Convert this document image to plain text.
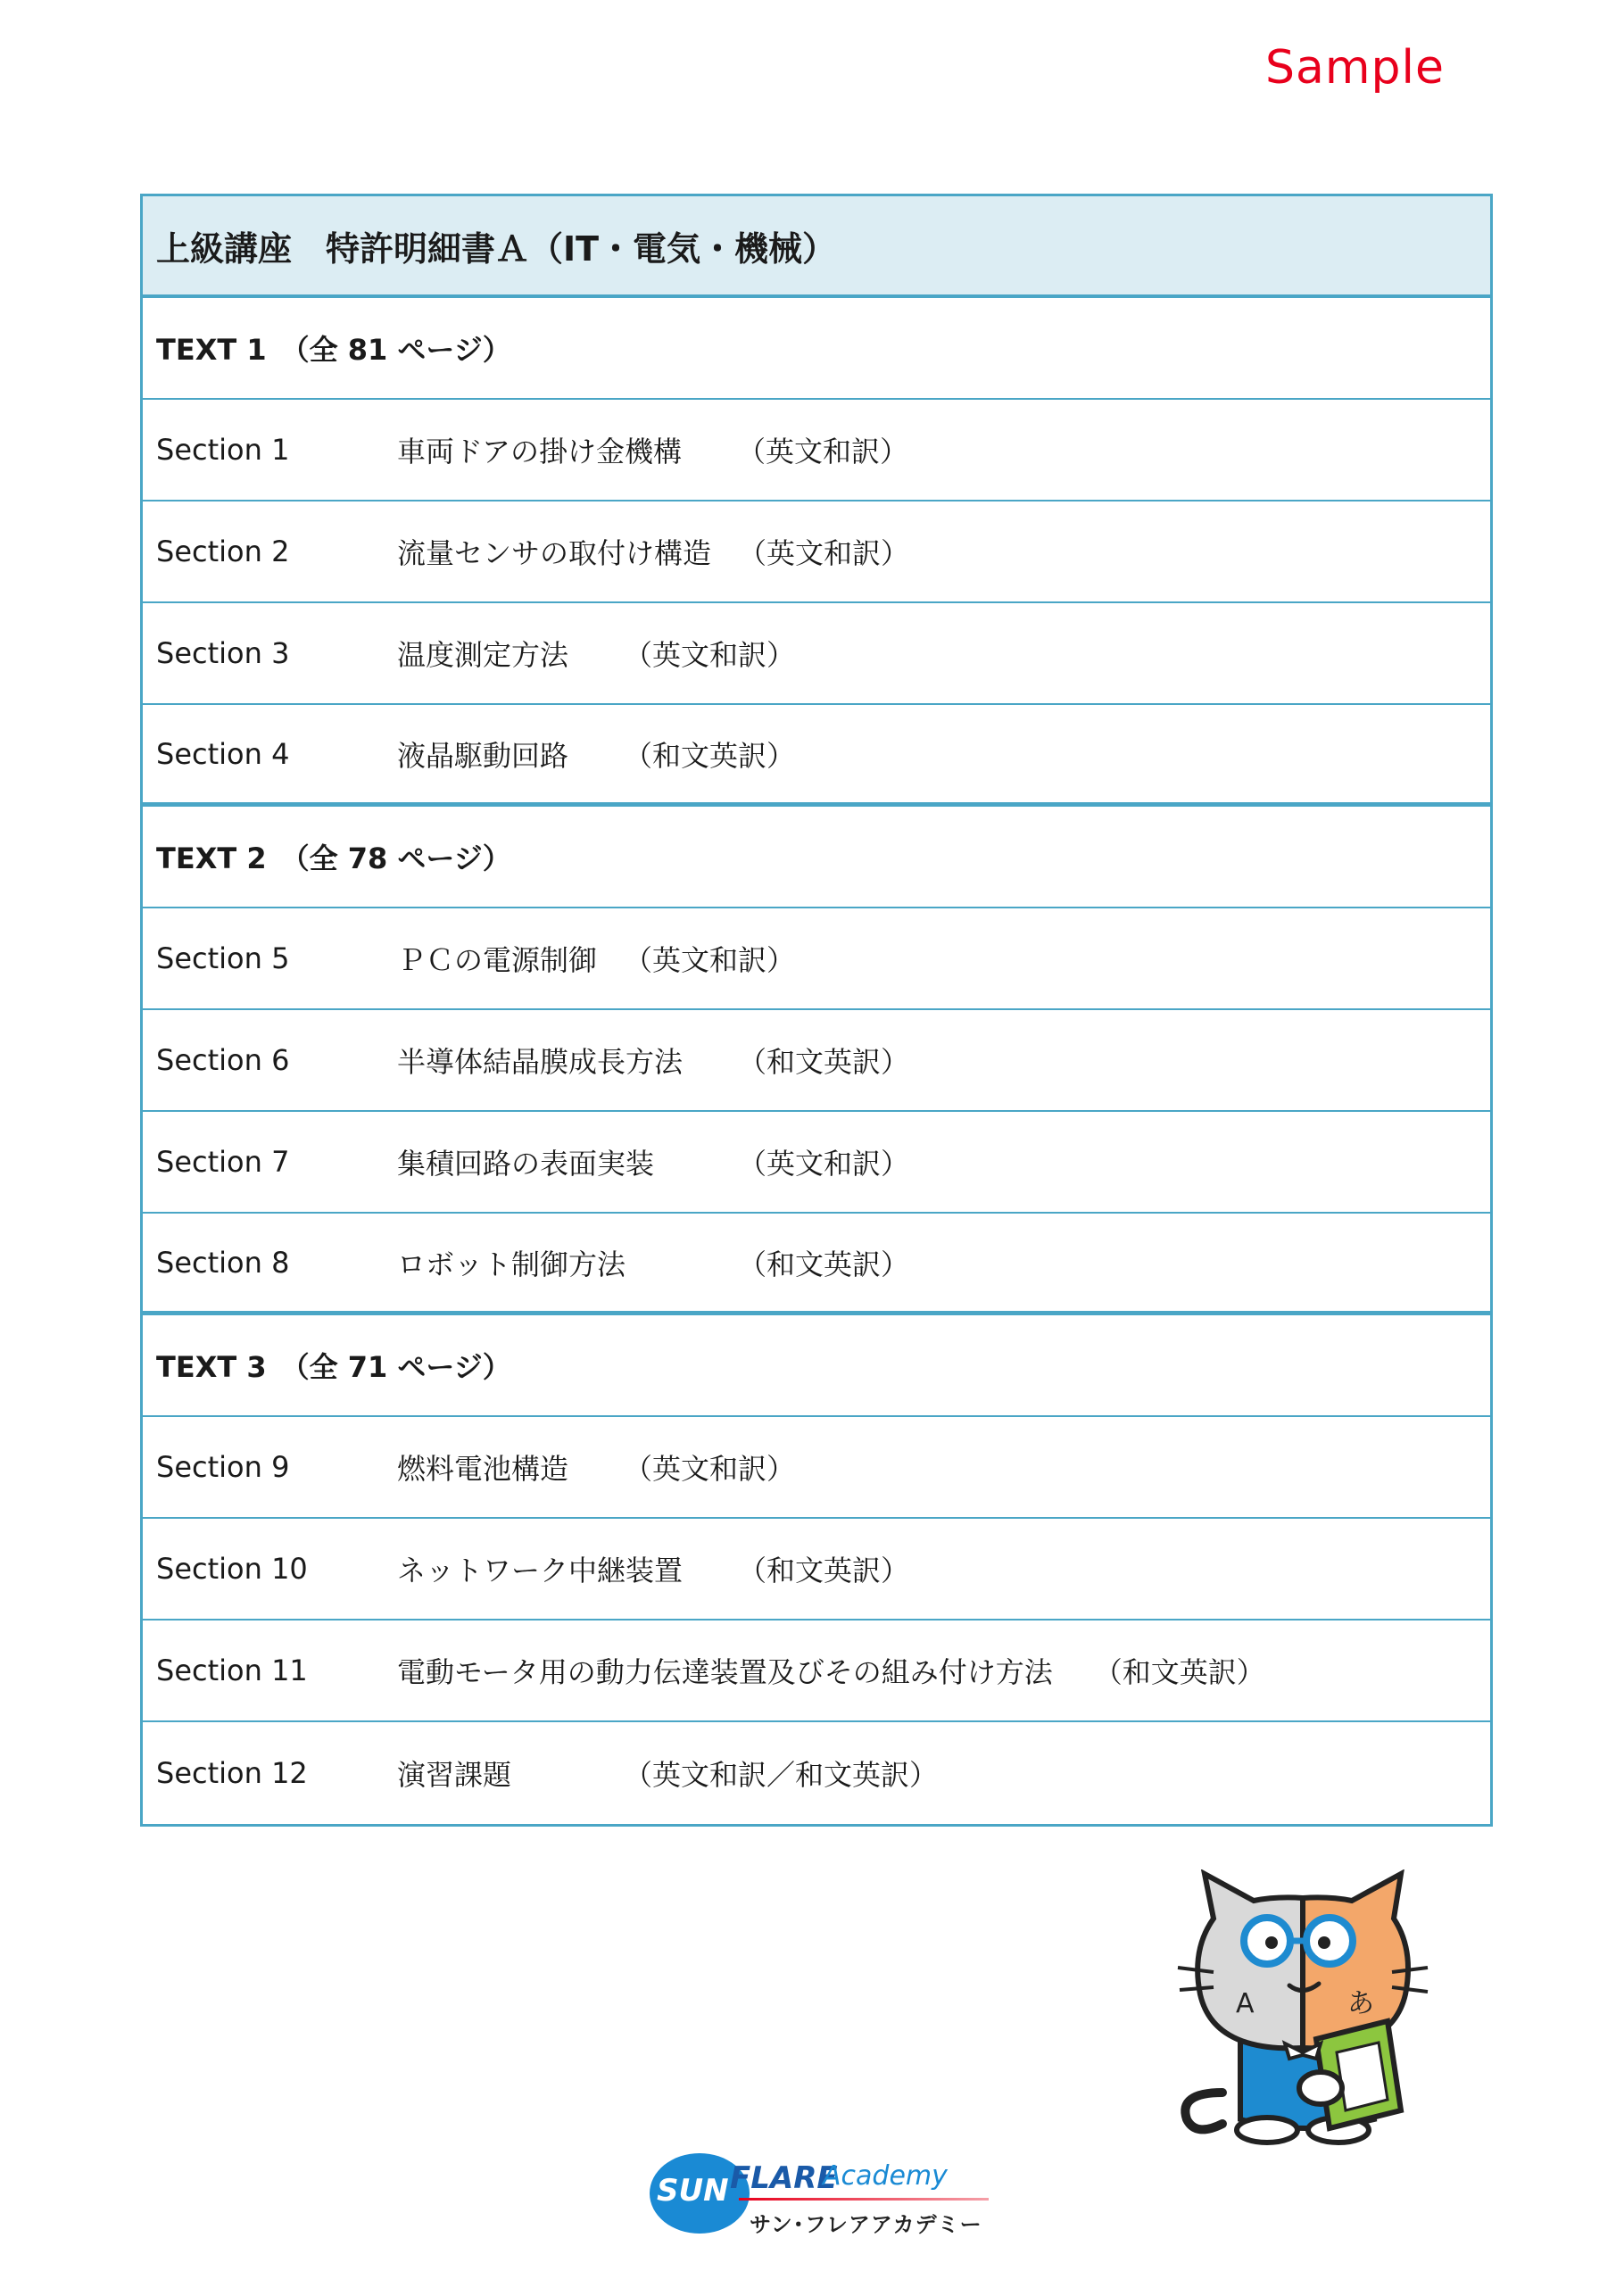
Sample
上級講座　特許明細書Ａ（IT・電気・機械）
TEXT 1　（全 81 ページ）
Section 1	車両ドアの掛け金機構 （英文和訳）
Section 2	流量センサの取付け構造 （英文和訳）
Section 3	温度測定方法 （英文和訳）
Section 4	液晶駆動回路 （和文英訳）
TEXT 2　（全 78 ページ）
Section 5	ＰＣの電源制御 （英文和訳）
Section 6	半導体結晶膜成長方法 （和文英訳）
Section 7	集積回路の表面実装	（英文和訳）
Section 8	ロボット制御方法	（和文英訳）
TEXT 3　（全 71 ページ）
Section 9	燃料電池構造 （英文和訳）
Section 10	ネットワーク中継装置 （和文英訳）
Section 11	電動モータ用の動力伝達装置及びその組み付け方法 （和文英訳）
Section 12	演習課題	（英文和訳／和文英訳）
A	あ
SUN FLARE
Academy
サン･フレアアカデミー
